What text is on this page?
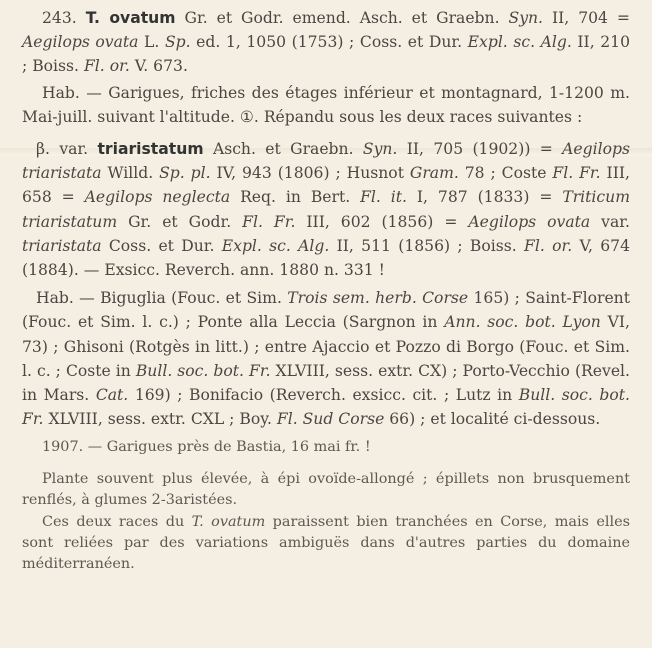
243. T. ovatum Gr. et Godr. emend. Asch. et Graebn. Syn. II, 704 = Aegilops ovata L. Sp. ed. 1, 1050 (1753) ; Coss. et Dur. Expl. sc. Alg. II, 210 ; Boiss. Fl. or. V. 673.

Hab. — Garigues, friches des étages inférieur et montagnard, 1-1200 m. Mai-juill. suivant l'altitude. ①. Répandu sous les deux races suivantes :

β. var. triaristatum Asch. et Graebn. Syn. II, 705 (1902)) = Aegilops triaristata Willd. Sp. pl. IV, 943 (1806) ; Husnot Gram. 78 ; Coste Fl. Fr. III, 658 = Aegilops neglecta Req. in Bert. Fl. it. I, 787 (1833) = Triticum triaristatum Gr. et Godr. Fl. Fr. III, 602 (1856) = Aegilops ovata var. triaristata Coss. et Dur. Expl. sc. Alg. II, 511 (1856) ; Boiss. Fl. or. V, 674 (1884). — Exsicc. Reverch. ann. 1880 n. 331 !

Hab. — Biguglia (Fouc. et Sim. Trois sem. herb. Corse 165) ; Saint-Florent (Fouc. et Sim. l. c.) ; Ponte alla Leccia (Sargnon in Ann. soc. bot. Lyon VI, 73) ; Ghisoni (Rotgès in litt.) ; entre Ajaccio et Pozzo di Borgo (Fouc. et Sim. l. c. ; Coste in Bull. soc. bot. Fr. XLVIII, sess. extr. CX) ; Porto-Vecchio (Revel. in Mars. Cat. 169) ; Bonifacio (Reverch. exsicc. cit. ; Lutz in Bull. soc. bot. Fr. XLVIII, sess. extr. CXL ; Boy. Fl. Sud Corse 66) ; et localité ci-dessous.

1907. — Garigues près de Bastia, 16 mai fr. !

Plante souvent plus élevée, à épi ovoïde-allongé ; épillets non brusquement renflés, à glumes 2-3aristées.

Ces deux races du T. ovatum paraissent bien tranchées en Corse, mais elles sont reliées par des variations ambiguës dans d'autres parties du domaine méditerranéen.
